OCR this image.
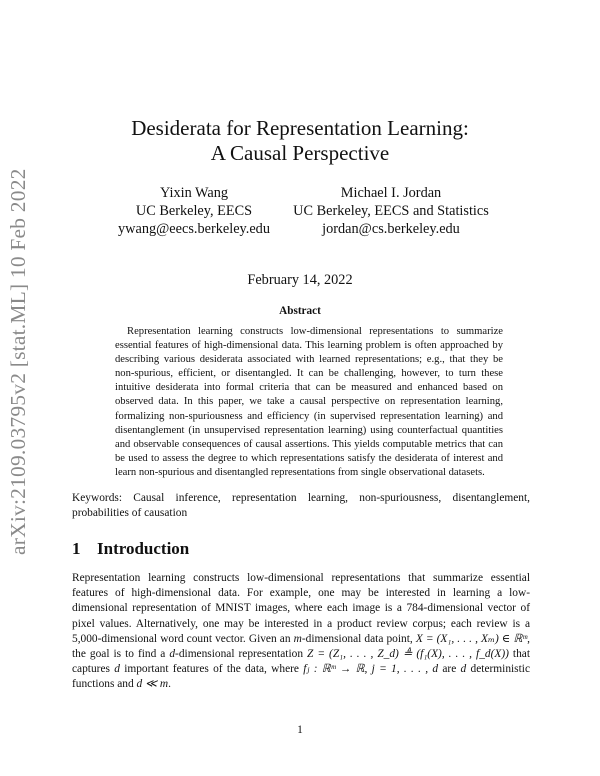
arXiv:2109.03795v2 [stat.ML] 10 Feb 2022
Desiderata for Representation Learning:
A Causal Perspective
Yixin Wang
UC Berkeley, EECS
ywang@eecs.berkeley.edu
Michael I. Jordan
UC Berkeley, EECS and Statistics
jordan@cs.berkeley.edu
February 14, 2022
Abstract
Representation learning constructs low-dimensional representations to summarize essential features of high-dimensional data. This learning problem is often approached by describing various desiderata associated with learned representations; e.g., that they be non-spurious, efficient, or disentangled. It can be challenging, however, to turn these intuitive desiderata into formal criteria that can be measured and enhanced based on observed data. In this paper, we take a causal perspective on representation learning, formalizing non-spuriousness and efficiency (in supervised representation learning) and disentanglement (in unsupervised representation learning) using counterfactual quantities and observable consequences of causal assertions. This yields computable metrics that can be used to assess the degree to which representations satisfy the desiderata of interest and learn non-spurious and disentangled representations from single observational datasets.
Keywords: Causal inference, representation learning, non-spuriousness, disentanglement, probabilities of causation
1 Introduction
Representation learning constructs low-dimensional representations that summarize essential features of high-dimensional data. For example, one may be interested in learning a low-dimensional representation of MNIST images, where each image is a 784-dimensional vector of pixel values. Alternatively, one may be interested in a product review corpus; each review is a 5,000-dimensional word count vector. Given an m-dimensional data point, X = (X₁, . . . , Xₘ) ∈ ℝᵐ, the goal is to find a d-dimensional representation Z = (Z₁, . . . , Z_d) ≜ (f₁(X), . . . , f_d(X)) that captures d important features of the data, where fⱼ : ℝᵐ → ℝ, j = 1, . . . , d are d deterministic functions and d ≪ m.
1
